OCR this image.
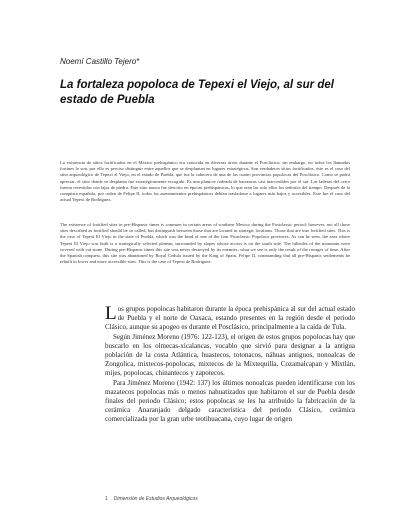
Noemí Castillo Tejero*
La fortaleza popoloca de Tepexi el Viejo, al sur del estado de Puebla

La existencia de sitios fortificados en el México prehispánico era conocida en diversas áreas durante el Posclásico; sin embargo, no todos los llamados fortines lo son, por ello es preciso distinguir entre aquellos que se desplantan en lugares estratégicos. Son verdaderos sitios fortificados, éste es el caso del sitio arqueológico de Tepexi el Viejo, en el estado de Puebla, que fue la cabecera de una de las cuatro provincias popolocas del Posclásico. Como se podrá apreciar, el sitio donde se desplanta fue estratégicamente escogido. Es una planicie rodeada de barrancas casi inaccesibles por el sur. Las laderas del cerro fueron revestidas con lajas de piedra. Este sitio nunca fue descrito en épocas prehispánicas, lo que eran las solo ellos los señoríos del tiempo. Después de la conquista española, por orden de Felipe II, todos los asentamientos prehispánicos debían trasladarse a lugares más bajos y accesibles. Este fue el caso del actual Tepexi de Rodríguez.

The existence of fortified sites in pre-Hispanic times is common in certain areas of southern Mexico during the Postclassic period; however, not all those sites described as fortified should be so called, but distinguish between those that are located in strategic locations. Those that are true fortified sites. This is the case of Tepexi El Viejo in the state of Puebla, which was the head of one of the four Postclassic Popoloca provinces. As can be seen, the area where Tepexi El Viejo was built is a strategically selected plateau, surrounded by slopes whose access is on the south side. The hillsides of the mountain were covered with cut stone. During pre-Hispanic times this site was never destroyed by its enemies; what we see is only the result of the ravages of time. After the Spanish conquest, this site was abandoned by Royal Cedula issued by the King of Spain, Felipe II, commanding that all pre-Hispanic settlements be rebuilt in lower and more accessible sites. This is the case of Tepexi de Rodríguez.

Los grupos popolocas habitaron durante la época prehispánica al sur del actual estado de Puebla y el norte de Oaxaca, estando presentes en la región desde el periodo Clásico, aunque su apogeo es durante el Posclásico, principalmente a la caída de Tula.

Según Jiménez Moreno (1976: 122-123), el origen de estos grupos popolocas hay que buscarlo en los olmecas-xicalancas, vocablo que sirvió para designar a la antigua población de la costa Atlántica, huastecos, totonacos, náhuas antiguos, nonoalcas de Zongolica, mixtecos-popolocas, mixtecos de la Mixtequilla, Cozamalcapan y Mixtlán, mijes, popolocas, chinantecos y zapotecos.

Para Jiménez Moreno (1942: 137) los últimos nonoalcas pueden identificarse con los mazatecos popolocas más o menos nahuatizados que habitaron el sur de Puebla desde finales del periodo Clásico; estos popolocas se les ha atribuido la fabricación de la cerámica Anaranjado delgado característica del periodo Clásico, cerámica comercializada por la gran urbe teotihuacana, cuyo lugar de origen

1 Dimensión de Estudios Arqueológicos
